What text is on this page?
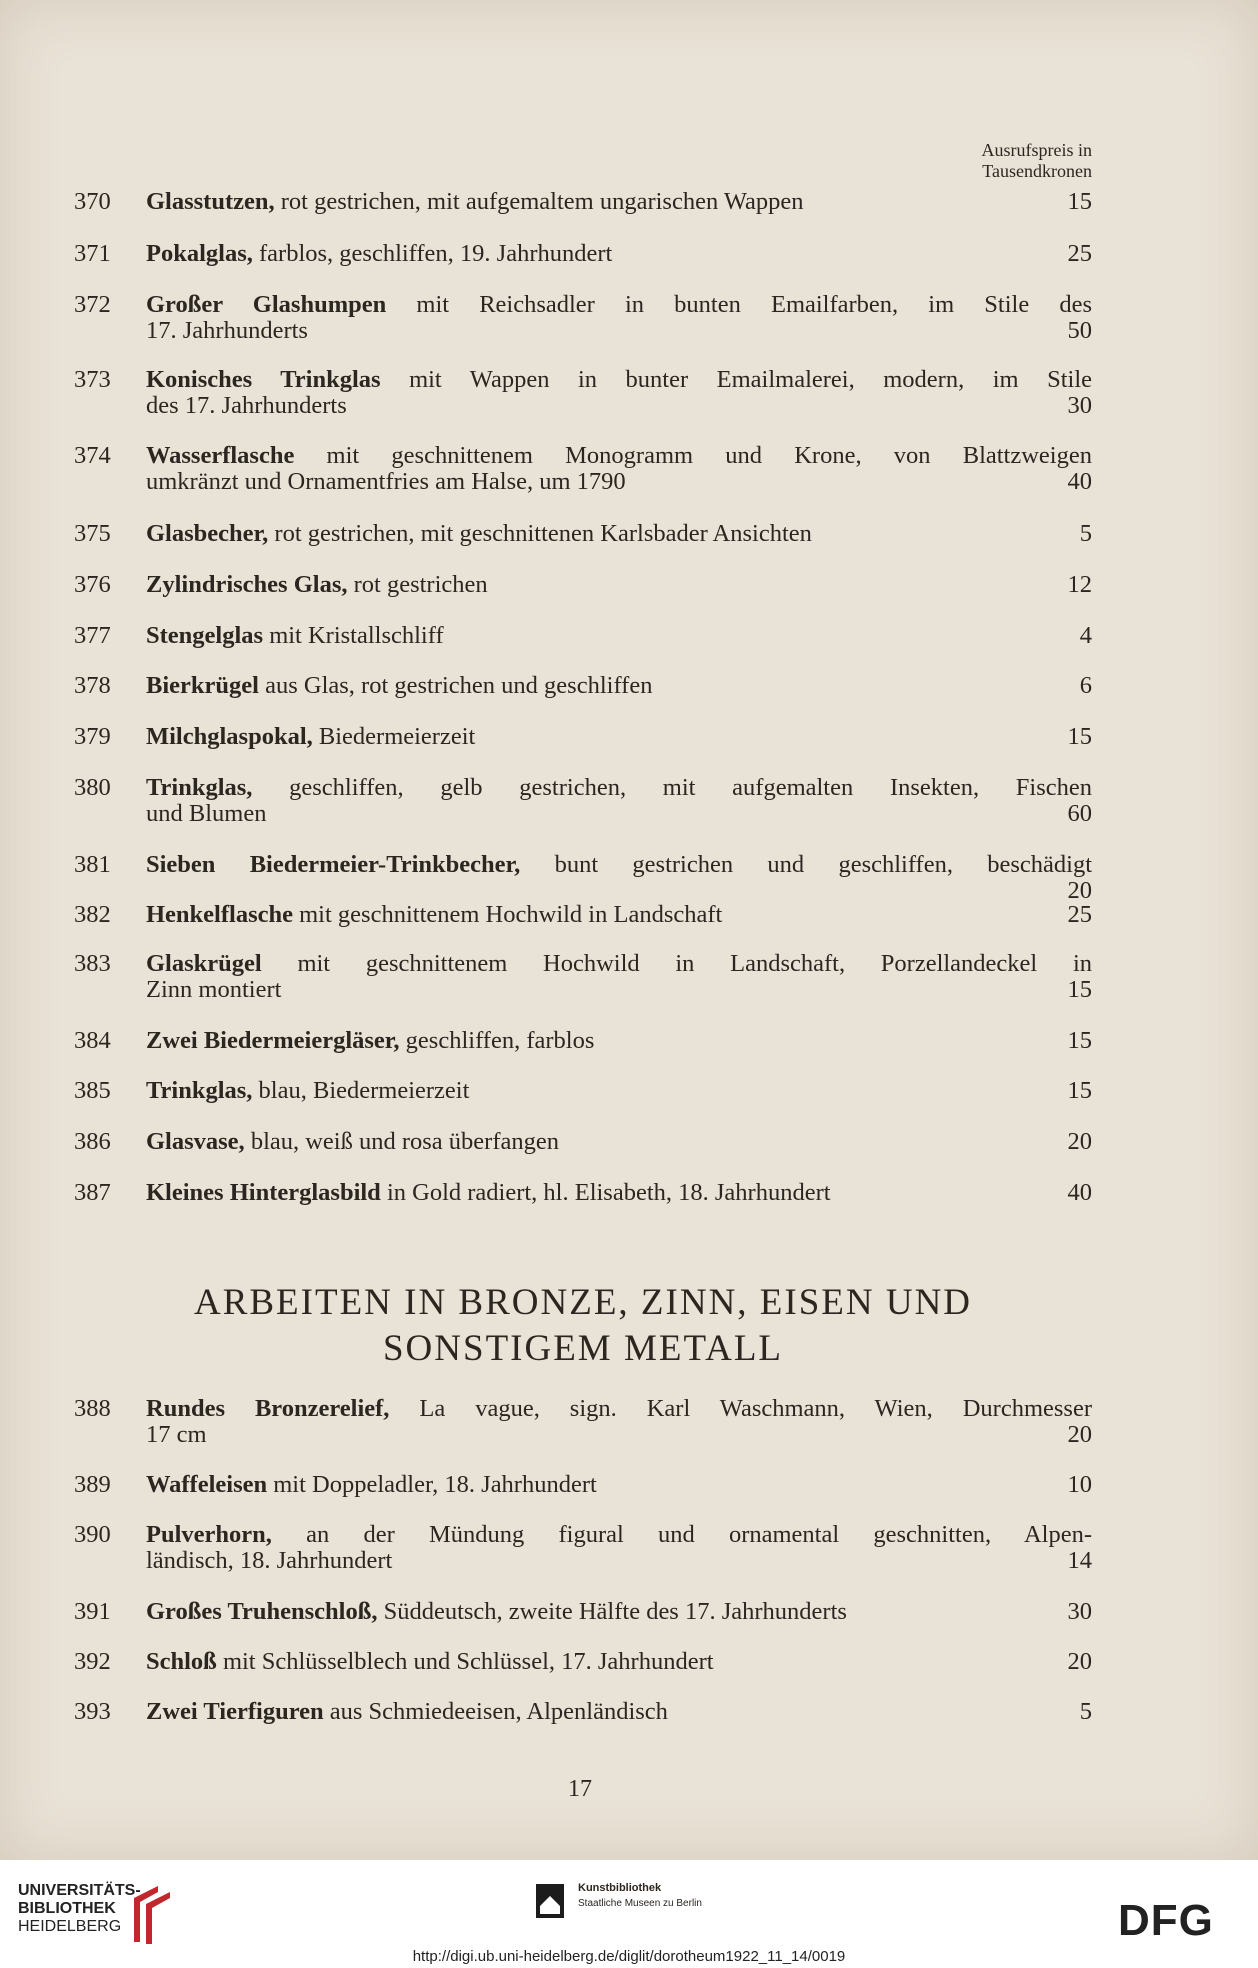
Ausrufspreis in
Tausendkronen
370	Glasstutzen, rot gestrichen, mit aufgemaltem ungarischen Wappen	15
371	Pokalglas, farblos, geschliffen, 19. Jahrhundert	25
372	Großer Glashumpen mit Reichsadler in bunten Emailfarben, im Stile des
17. Jahrhunderts	50
373	Konisches Trinkglas mit Wappen in bunter Emailmalerei, modern, im Stile
des 17. Jahrhunderts	30
374	Wasserflasche mit geschnittenem Monogramm und Krone, von Blattzweigen
umkränzt und Ornamentfries am Halse, um 1790	40
375	Glasbecher, rot gestrichen, mit geschnittenen Karlsbader Ansichten	5
376	Zylindrisches Glas, rot gestrichen	12
377	Stengelglas mit Kristallschliff	4
378	Bierkrügel aus Glas, rot gestrichen und geschliffen	6
379	Milchglaspokal, Biedermeierzeit	15
380	Trinkglas, geschliffen, gelb gestrichen, mit aufgemalten Insekten, Fischen
und Blumen	60
381	Sieben Biedermeier-Trinkbecher, bunt gestrichen und geschliffen, beschädigt
20
382	Henkelflasche mit geschnittenem Hochwild in Landschaft	25
383	Glaskrügel mit geschnittenem Hochwild in Landschaft, Porzellandeckel in
Zinn montiert	15
384	Zwei Biedermeiergläser, geschliffen, farblos	15
385	Trinkglas, blau, Biedermeierzeit	15
386	Glasvase, blau, weiß und rosa überfangen	20
387	Kleines Hinterglasbild in Gold radiert, hl. Elisabeth, 18. Jahrhundert	40
ARBEITEN IN BRONZE, ZINN, EISEN UND
SONSTIGEM METALL
388	Rundes Bronzerelief, La vague, sign. Karl Waschmann, Wien, Durchmesser
17 cm	20
389	Waffeleisen mit Doppeladler, 18. Jahrhundert	10
390	Pulverhorn, an der Mündung figural und ornamental geschnitten, Alpen-
ländisch, 18. Jahrhundert	14
391	Großes Truhenschloß, Süddeutsch, zweite Hälfte des 17. Jahrhunderts	30
392	Schloß mit Schlüsselblech und Schlüssel, 17. Jahrhundert	20
393	Zwei Tierfiguren aus Schmiedeeisen, Alpenländisch	5
17
UNIVERSITÄTS-
BIBLIOTHEK
HEIDELBERG
Kunstbibliothek
Staatliche Museen zu Berlin	DFG
http://digi.ub.uni-heidelberg.de/diglit/dorotheum1922_11_14/0019
